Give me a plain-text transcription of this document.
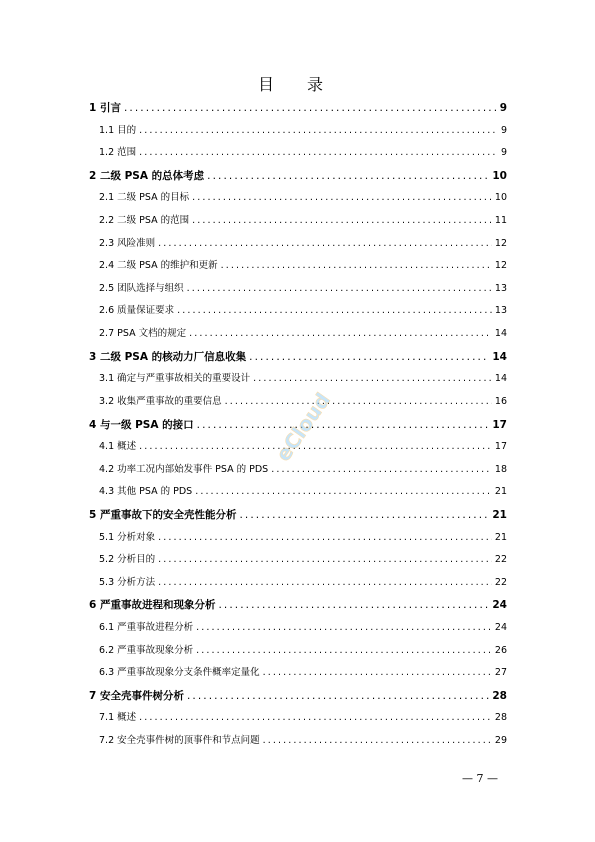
目 录
1 引言 .....	9
1.1 目的 .....	9
1.2 范围 .....	9
2 二级 PSA 的总体考虑 .....	10
2.1 二级 PSA 的目标 .....	10
2.2 二级 PSA 的范围 .....	11
2.3 风险准则 .....	12
2.4 二级 PSA 的维护和更新 .....	12
2.5 团队选择与组织 .....	13
2.6 质量保证要求 .....	13
2.7 PSA 文档的规定 .....	14
3 二级 PSA 的核动力厂信息收集 .....	14
3.1 确定与严重事故相关的重要设计 .....	14
3.2 收集严重事故的重要信息 .....	16
4 与一级 PSA 的接口 .....	17
4.1 概述 .....	17
4.2 功率工况内部始发事件 PSA 的 PDS .....	18
4.3 其他 PSA 的 PDS .....	21
5 严重事故下的安全壳性能分析 .....	21
5.1 分析对象 .....	21
5.2 分析目的 .....	22
5.3 分析方法 .....	22
6 严重事故进程和现象分析 .....	24
6.1 严重事故进程分析 .....	24
6.2 严重事故现象分析 .....	26
6.3 严重事故现象分支条件概率定量化 .....	27
7 安全壳事件树分析 .....	28
7.1 概述 .....	28
7.2 安全壳事件树的顶事件和节点问题 .....	29
eCloud
— 7 —
